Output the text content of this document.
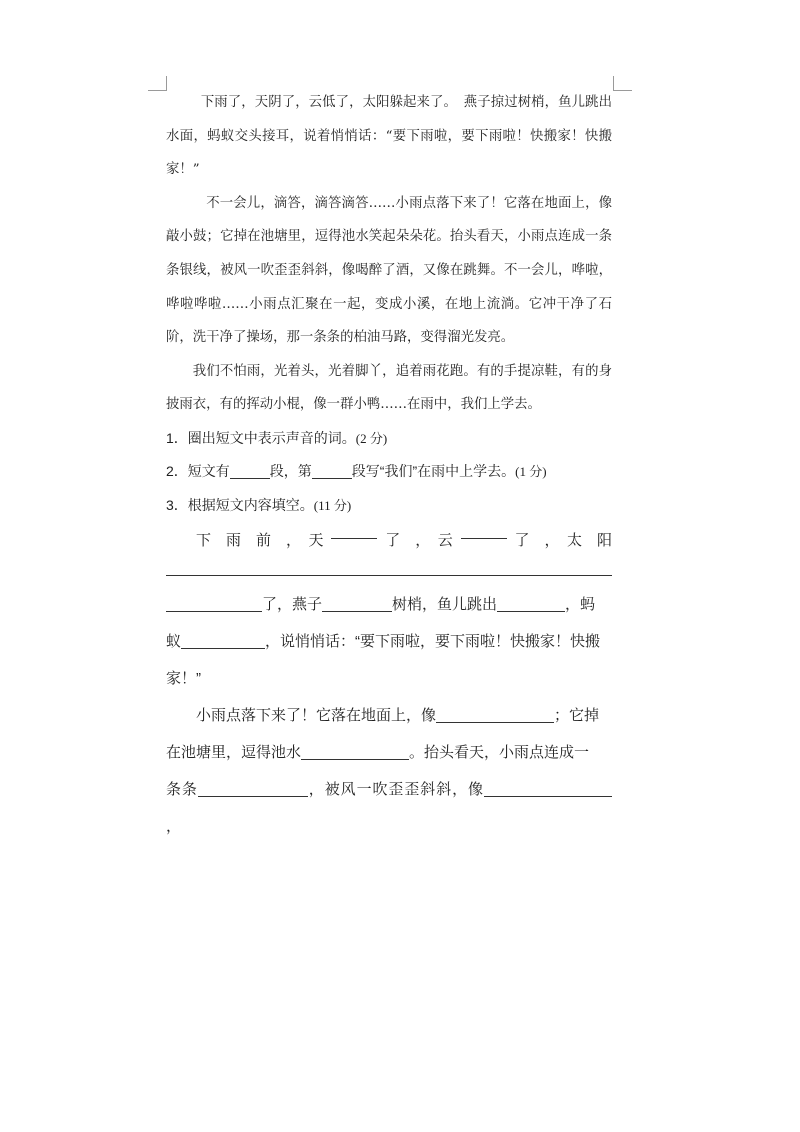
下雨了，天阴了，云低了，太阳躲起来了。　燕子掠过树梢，鱼儿跳出水面，蚂蚁交头接耳，说着悄悄话：“要下雨啦，要下雨啦！快搬家！快搬家！”

不一会儿，滴答，滴答滴答……小雨点落下来了！它落在地面上，像敲小鼓；它掉在池塘里，逗得池水笑起朵朵花。抬头看天，小雨点连成一条条银线，被风一吹歪歪斜斜，像喝醉了酒，又像在跳舞。不一会儿，哗啦，哗啦哗啦……小雨点汇聚在一起，变成小溪，在地上流淌。它冲干净了石阶，洗干净了操场，那一条条的柏油马路，变得溜光发亮。

我们不怕雨，光着头，光着脚丫，追着雨花跑。有的手提凉鞋，有的身披雨衣，有的挥动小棍，像一群小鸭……在雨中，我们上学去。

1．圈出短文中表示声音的词。(2 分)

2．短文有	段，第	段写“我们”在雨中上学去。(1 分)

3．根据短文内容填空。(11 分)

下　雨　前　，　天	了　，　云	了　，　太　阳

了，燕子	树梢，鱼儿跳出	，蚂

蚁	，说悄悄话：“要下雨啦，要下雨啦！快搬家！快搬

家！”

小雨点落下来了！它落在地面上，像	；它掉

在池塘里，逗得池水	。抬头看天，小雨点连成一

条条	，被风一吹歪歪斜斜，像，
